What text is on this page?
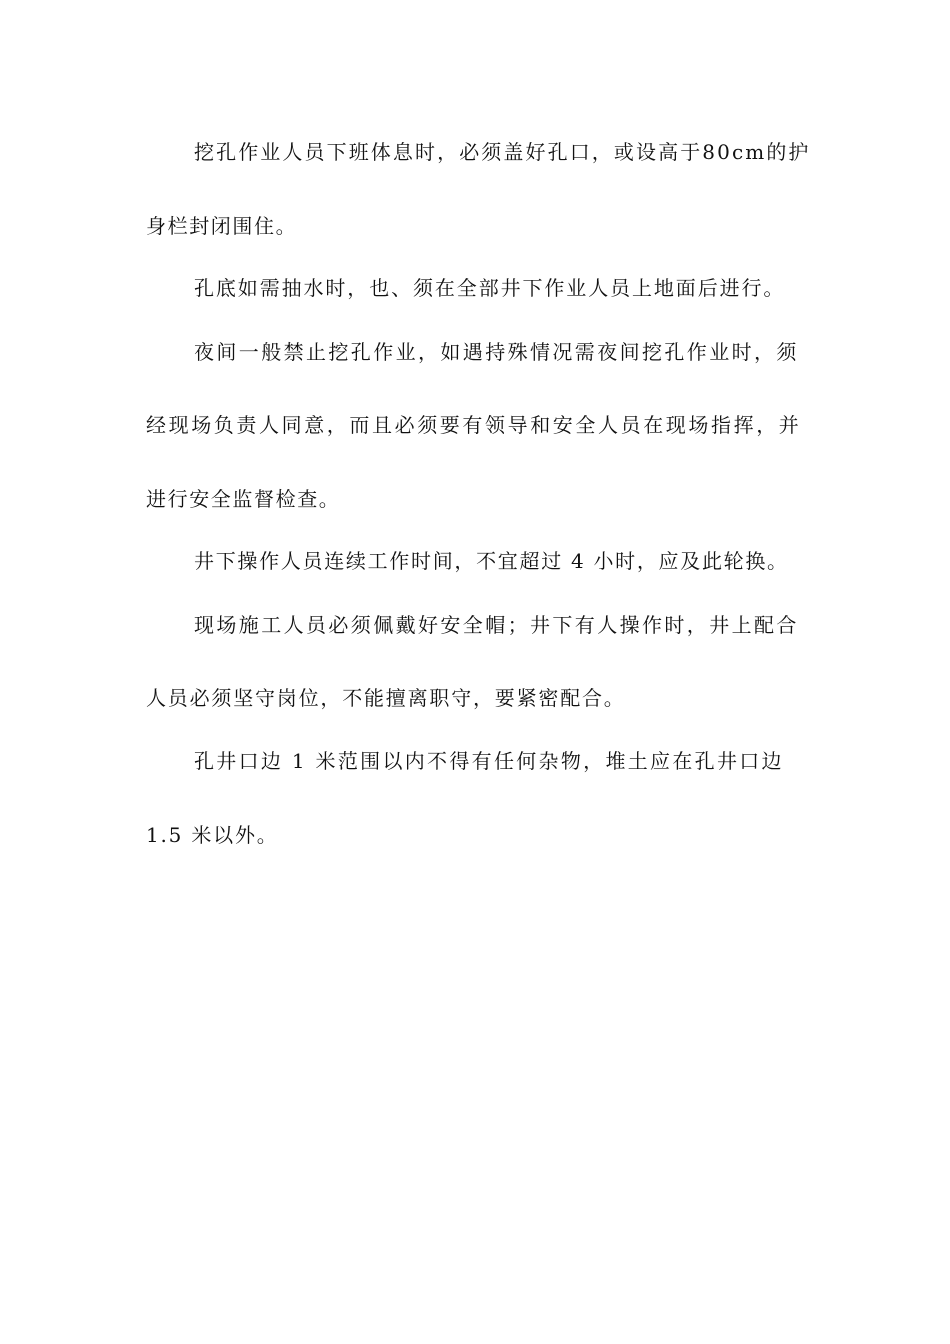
挖孔作业人员下班体息时，必须盖好孔口，或设高于80cm的护
身栏封闭围住。
孔底如需抽水时，也、须在全部井下作业人员上地面后进行。
夜间一般禁止挖孔作业，如遇持殊情况需夜间挖孔作业时，须
经现场负责人同意，而且必须要有领导和安全人员在现场指挥，并
进行安全监督检查。
井下操作人员连续工作时间，不宜超过 4 小时，应及此轮换。
现场施工人员必须佩戴好安全帽；井下有人操作时，井上配合
人员必须坚守岗位，不能擅离职守，要紧密配合。
孔井口边 1 米范围以内不得有任何杂物，堆土应在孔井口边
1.5 米以外。
